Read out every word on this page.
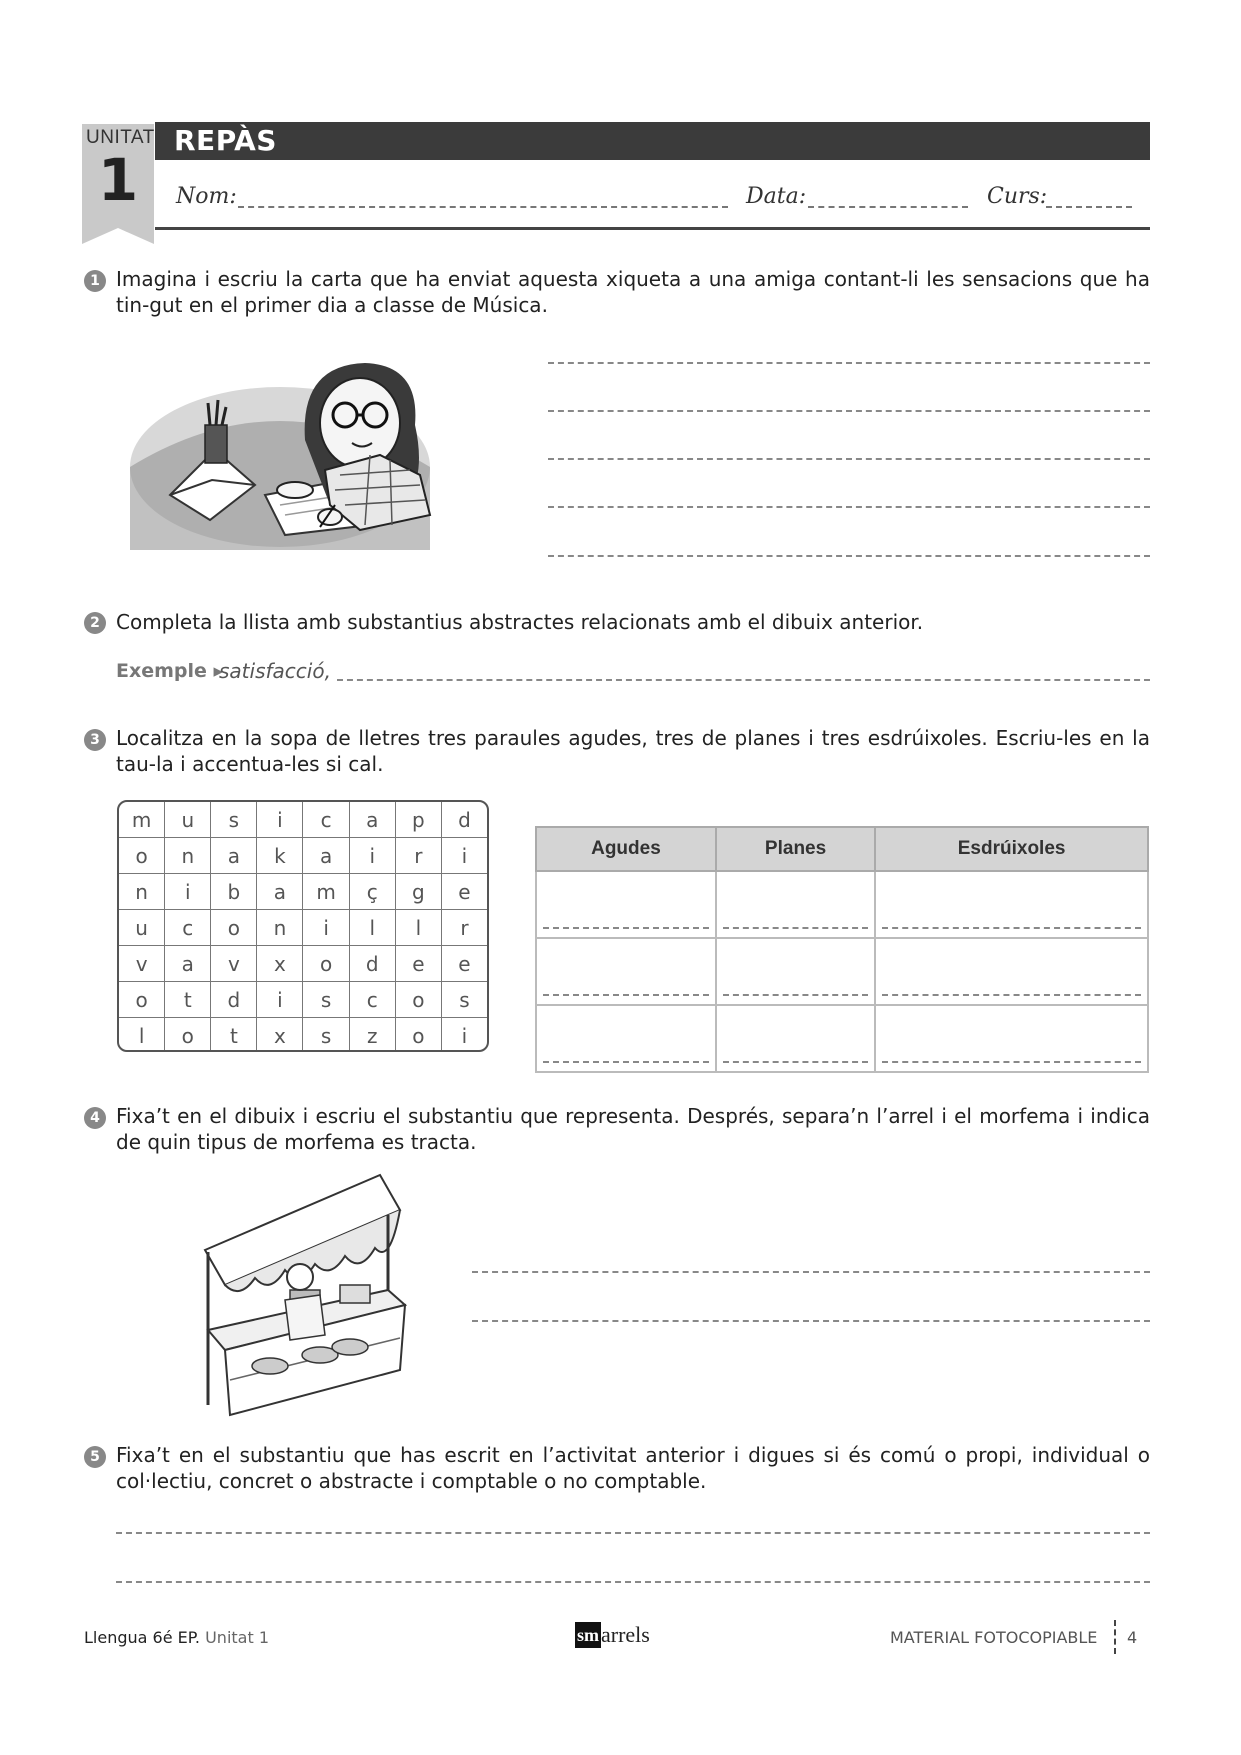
UNITAT
1
REPÀS
Nom:	Data:	Curs:
1 Imagina i escriu la carta que ha enviat aquesta xiqueta a una amiga contant-li les sensacions que ha tin-gut en el primer dia a classe de Música.
2 Completa la llista amb substantius abstractes relacionats amb el dibuix anterior.
Exemple ▸
satisfacció,
3 Localitza en la sopa de lletres tres paraules agudes, tres de planes i tres esdrúixoles. Escriu-les en la tau-la i accentua-les si cal.
m	u	s	i	c	a	p	d
o	n	a	k	a	i	r	i
n	i	b	a	m	ç	g	e
u	c	o	n	i	l	l	r
v	a	v	x	o	d	e	e
o	t	d	i	s	c	o	s
l	o	t	x	s	z	o	i
Agudes	Planes	Esdrúixoles

4 Fixa’t en el dibuix i escriu el substantiu que representa. Després, separa’n l’arrel i el morfema i indica de quin tipus de morfema es tracta.
5 Fixa’t en el substantiu que has escrit en l’activitat anterior i digues si és comú o propi, individual o col·lectiu, concret o abstracte i comptable o no comptable.
Llengua 6é EP. Unitat 1	smarrels	MATERIAL FOTOCOPIABLE 4
